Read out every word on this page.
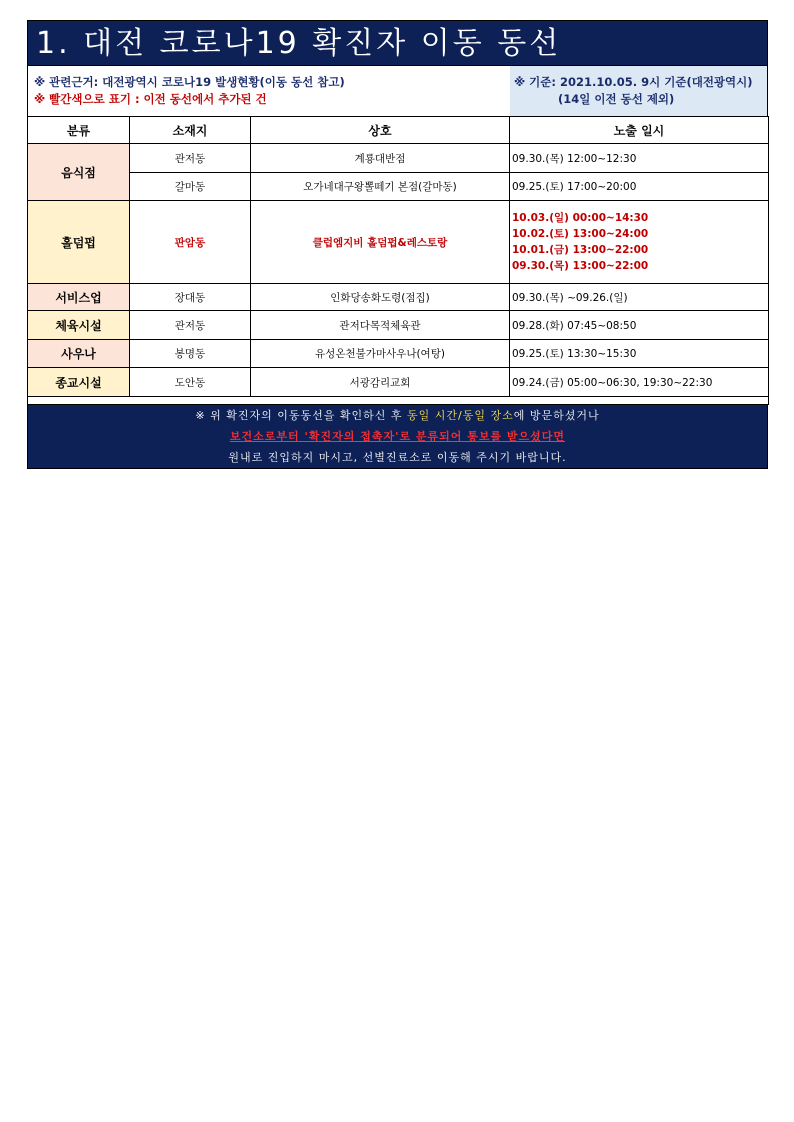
1. 대전 코로나19 확진자 이동 동선
※ 관련근거: 대전광역시 코로나19 발생현황(이동 동선 참고)
※ 빨간색으로 표기 : 이전 동선에서 추가된 건
※ 기준: 2021.10.05. 9시 기준(대전광역시)
(14일 이전 동선 제외)
분류	소재지	상호	노출 일시
음식점	관저동	계룡대반점	09.30.(목) 12:00~12:30
	갈마동	오가네대구왕뽈떼기 본점(갈마동)	09.25.(토) 17:00~20:00
홀덤펍	판암동	클럽엠지비 홀덤펍&레스토랑	10.03.(일) 00:00~14:30
10.02.(토) 13:00~24:00
10.01.(금) 13:00~22:00
09.30.(목) 13:00~22:00

서비스업	장대동	인화당송화도령(점집)	09.30.(목) ~09.26.(일)
체육시설	관저동	관저다목적체육관	09.28.(화) 07:45~08:50
사우나	봉명동	유성온천불가마사우나(여탕)	09.25.(토) 13:30~15:30
종교시설	도안동	서광감리교회	09.24.(금) 05:00~06:30, 19:30~22:30

※ 위 확진자의 이동동선을 확인하신 후 동일 시간/동일 장소에 방문하셨거나
보건소로부터 '확진자의 접촉자'로 분류되어 통보를 받으셨다면
원내로 진입하지 마시고, 선별진료소로 이동해 주시기 바랍니다.
